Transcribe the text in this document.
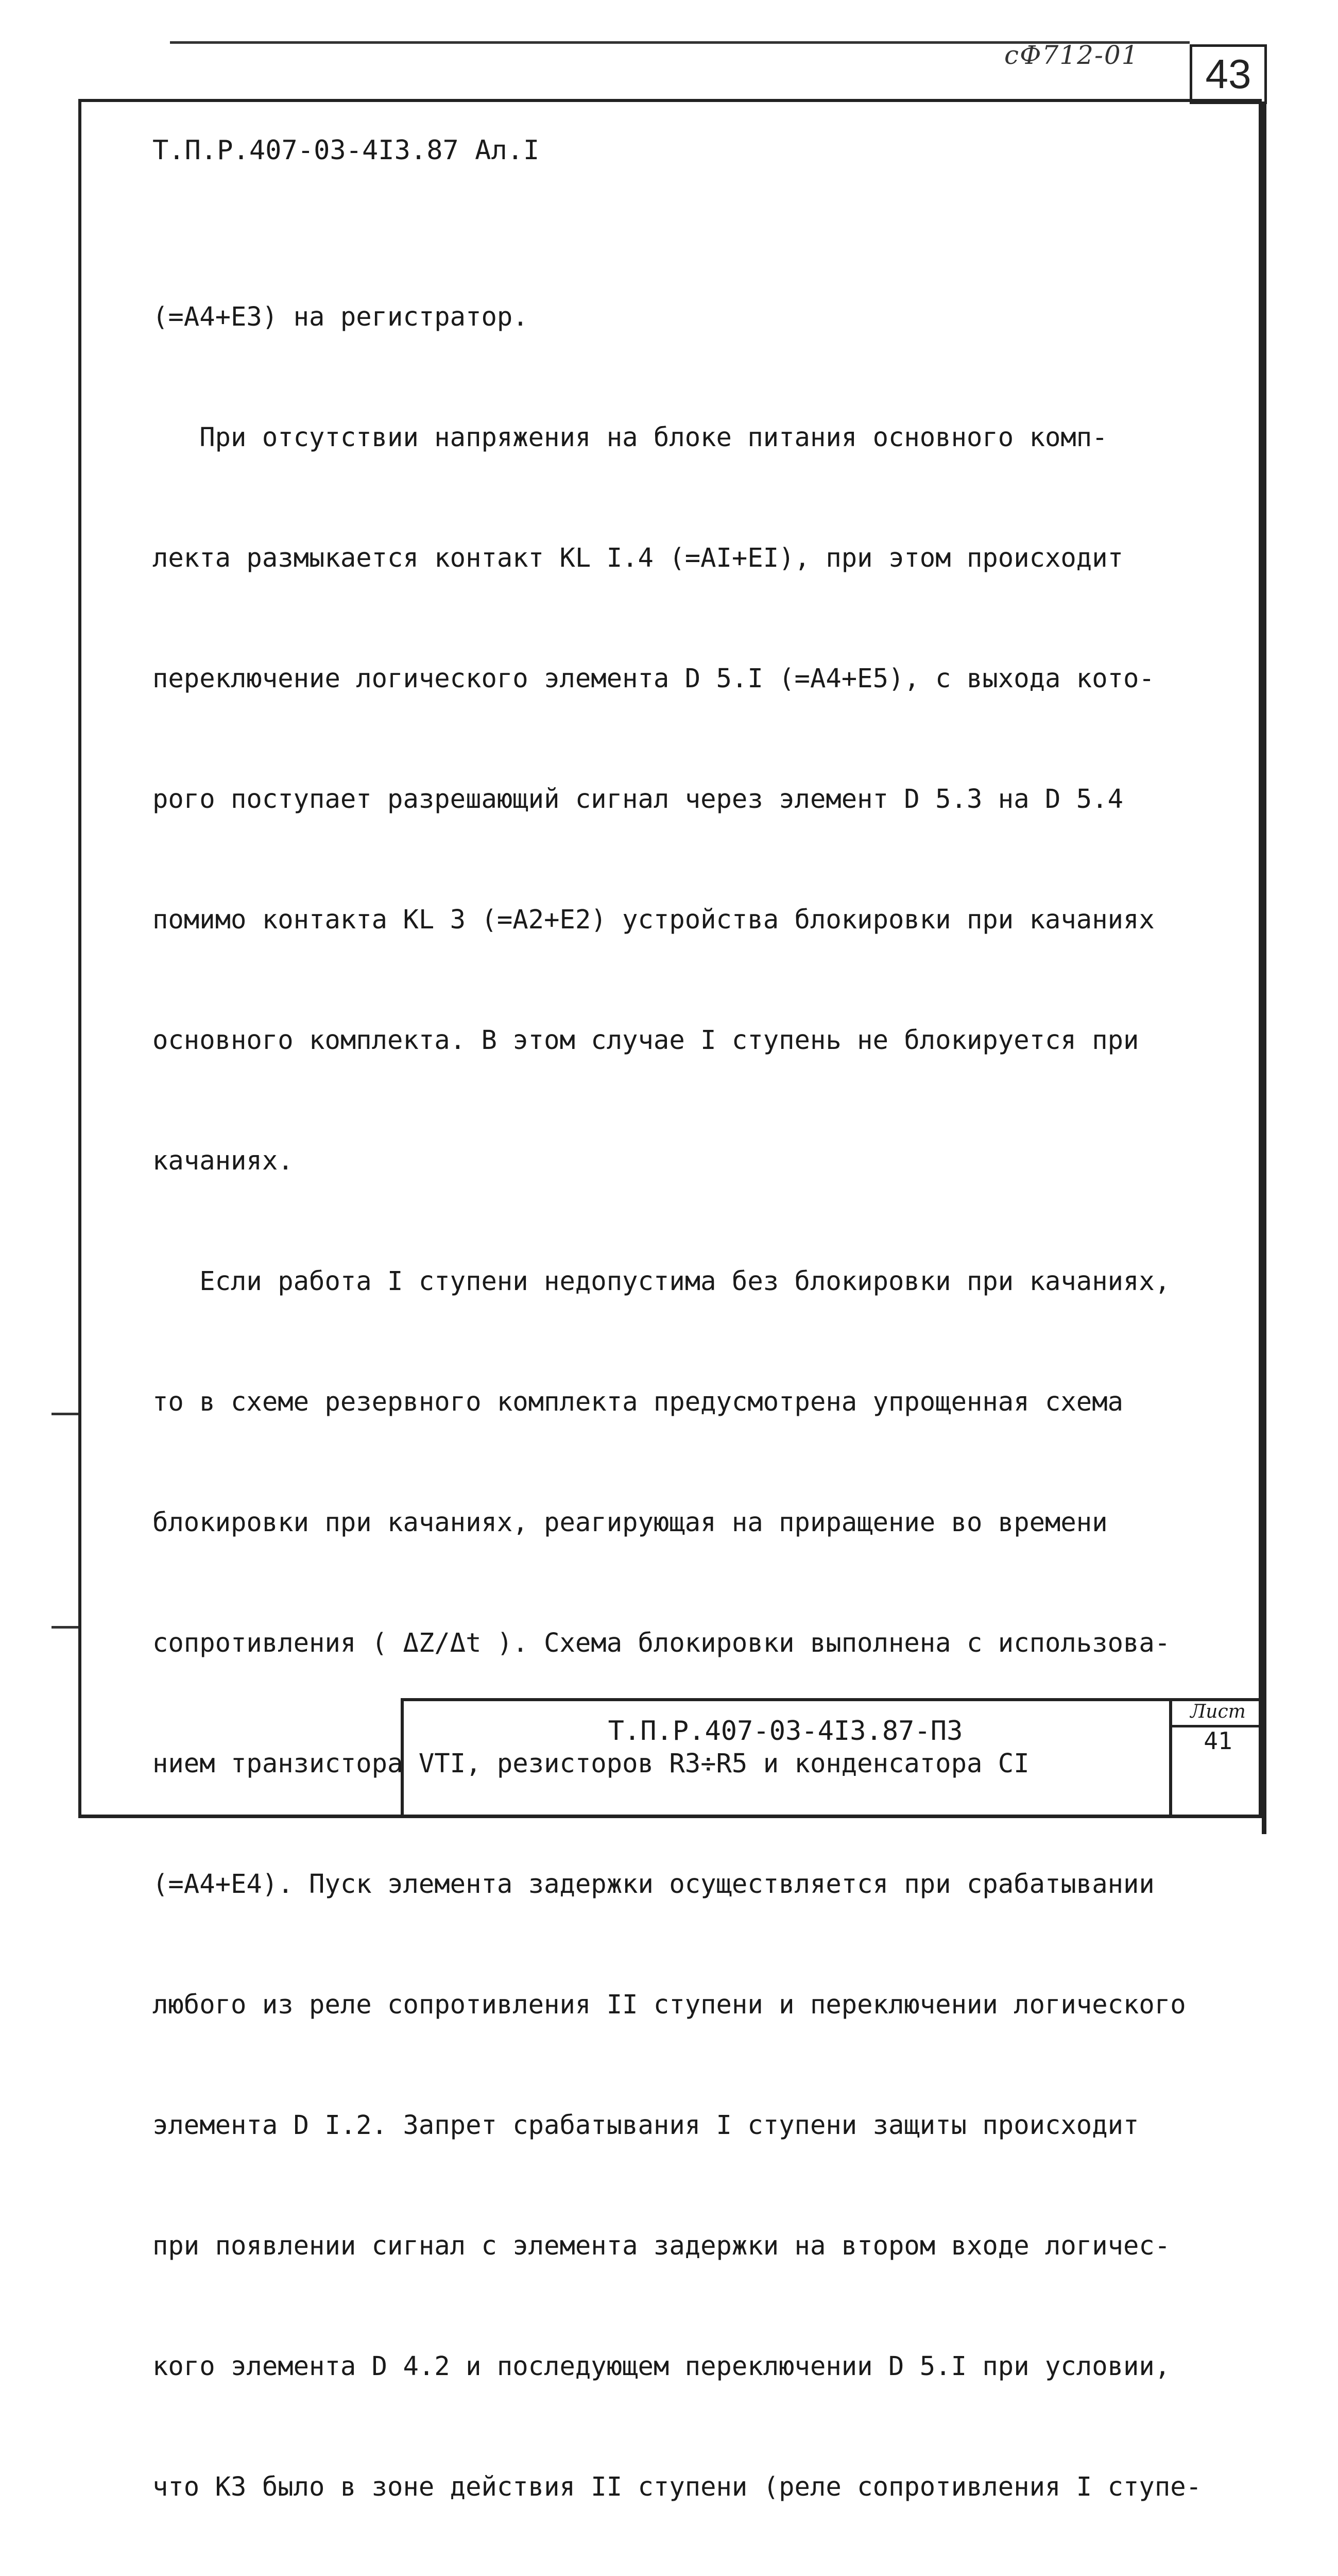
сФ712-01 43
Т.П.Р.407-03-4I3.87 Ал.I

(=А4+Е3) на регистратор.

При отсутствии напряжения на блоке питания основного комп-

лекта размыкается контакт КL I.4 (=АI+ЕI), при этом происходит

переключение логического элемента D 5.I (=А4+Е5), с выхода кото-

рого поступает разрешающий сигнал через элемент D 5.3 на D 5.4

помимо контакта КL 3 (=А2+Е2) устройства блокировки при качаниях

основного комплекта. В этом случае I ступень не блокируется при

качаниях.

Если работа I ступени недопустима без блокировки при качаниях,

то в схеме резервного комплекта предусмотрена упрощенная схема

блокировки при качаниях, реагирующая на приращение во времени

сопротивления ( ΔZ/Δt ). Схема блокировки выполнена с использова-

нием транзистора VTI, резисторов R3÷R5 и конденсатора СI

(=А4+Е4). Пуск элемента задержки осуществляется при срабатывании

любого из реле сопротивления II ступени и переключении логического

элемента D I.2. Запрет срабатывания I ступени защиты происходит

при появлении сигнал с элемента задержки на втором входе логичес-

кого элемента D 4.2 и последующем переключении D 5.I при условии,

что КЗ было в зоне действия II ступени (реле сопротивления I ступе-

Т.П.Р.407-03-4I3.87-ПЗ
Лист
41
